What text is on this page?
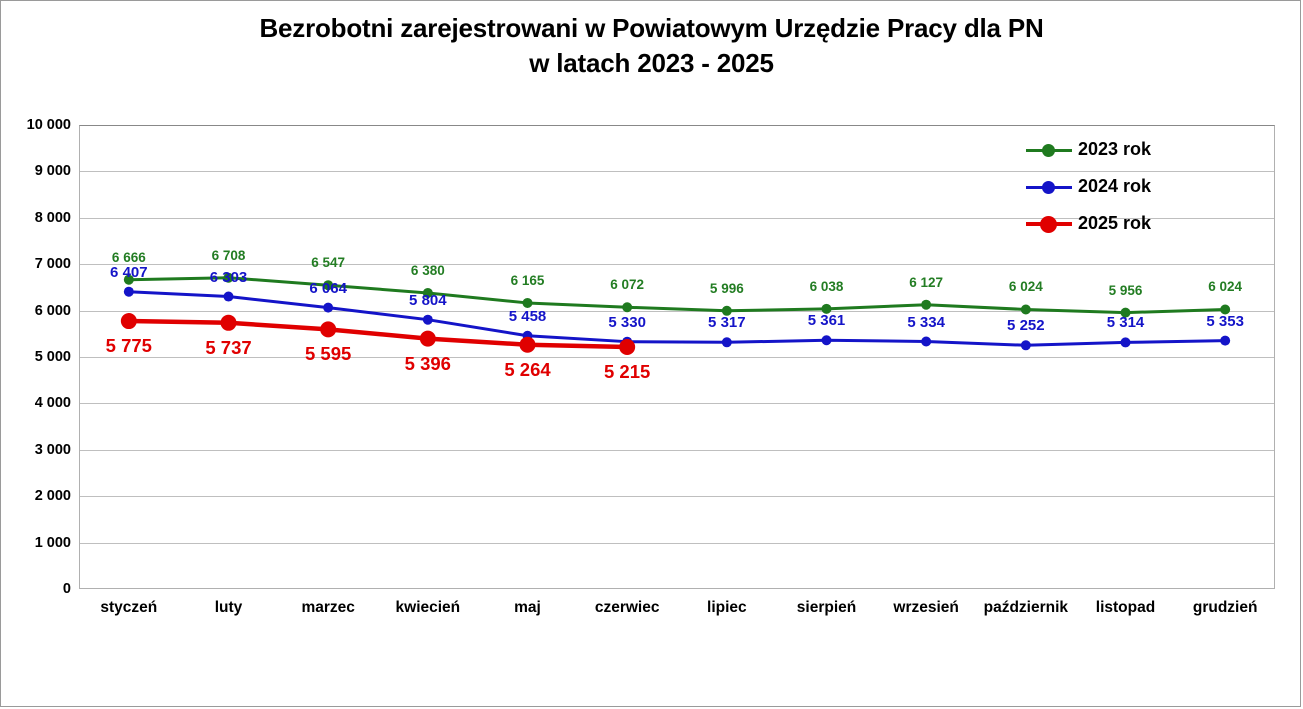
Bezrobotni zarejestrowani w Powiatowym Urzędzie Pracy dla PN
w latach 2023 - 2025
0
1 000
2 000
3 000
4 000
5 000
6 000
7 000
8 000
9 000
10 000
6 666	6 708	6 547
6 380
6 165	6 072	5 996	6 038	6 127	6 024	5 956	6 024
6 407	6 303
6 064
5 804
5 458	5 330	5 317	5 361	5 334	5 252	5 314	5 353
5 775	5 737	5 595	5 396	5 264	5 215
styczeń	luty	marzec	kwiecień	maj	czerwiec	lipiec	sierpień wrzesień październik listopad grudzień
2023 rok
2024 rok
2025 rok
